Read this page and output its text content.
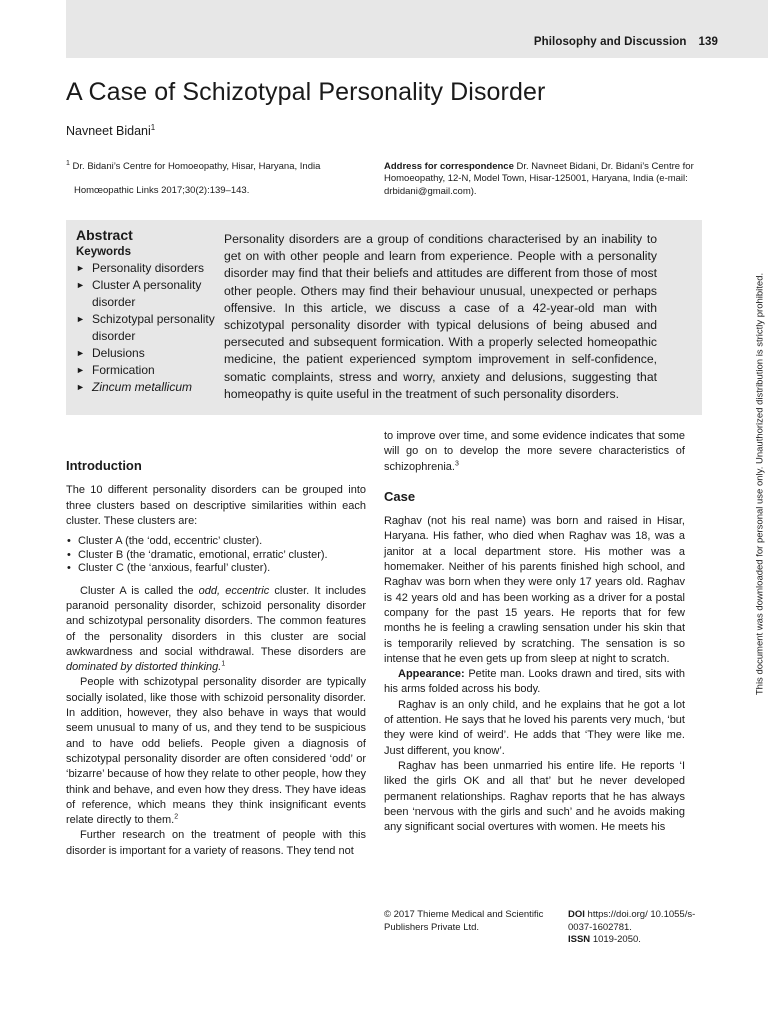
Philosophy and Discussion 139
A Case of Schizotypal Personality Disorder
Navneet Bidani$^1$
$^1$ Dr. Bidani’s Centre for Homoeopathy, Hisar, Haryana, India
Homœopathic Links 2017;30(2):139–143.
Address for correspondence Dr. Navneet Bidani, Dr. Bidani’s Centre for Homoeopathy, 12-N, Model Town, Hisar-125001, Haryana, India (e-mail: drbidani@gmail.com).
Abstract
Keywords
► Personality disorders
► Cluster A personality disorder
► Schizotypal personality disorder
► Delusions
► Formication
► Zincum metallicum
Personality disorders are a group of conditions characterised by an inability to get on with other people and learn from experience. People with a personality disorder may find that their beliefs and attitudes are different from those of most other people. Others may find their behaviour unusual, unexpected or perhaps offensive. In this article, we discuss a case of a 42-year-old man with schizotypal personality disorder with typical delusions of being abused and persecuted and subsequent formication. With a properly selected homeopathic medicine, the patient experienced symptom improvement in self-confidence, somatic complaints, stress and worry, anxiety and delusions, suggesting that homeopathy is quite useful in the treatment of such personality disorders.
Introduction

The 10 different personality disorders can be grouped into three clusters based on descriptive similarities within each cluster. These clusters are:

• Cluster A (the ‘odd, eccentric’ cluster).
• Cluster B (the ‘dramatic, emotional, erratic’ cluster).
• Cluster C (the ‘anxious, fearful’ cluster).

Cluster A is called the odd, eccentric cluster. It includes paranoid personality disorder, schizoid personality disorder and schizotypal personality disorders. The common features of the personality disorders in this cluster are social awkwardness and social withdrawal. These disorders are dominated by distorted thinking.$^1$

People with schizotypal personality disorder are typically socially isolated, like those with schizoid personality disorder. In addition, however, they also behave in ways that would seem unusual to many of us, and they tend to be suspicious and to have odd beliefs. People given a diagnosis of schizotypal personality disorder are often considered ‘odd’ or ‘bizarre’ because of how they relate to other people, how they think and behave, and even how they dress. They have ideas of reference, which means they think insignificant events relate directly to them.$^2$

Further research on the treatment of people with this disorder is important for a variety of reasons. They tend not

to improve over time, and some evidence indicates that some will go on to develop the more severe characteristics of schizophrenia.$^3$

Case

Raghav (not his real name) was born and raised in Hisar, Haryana. His father, who died when Raghav was 18, was a janitor at a local department store. His mother was a homemaker. Neither of his parents finished high school, and Raghav was born when they were only 17 years old. Raghav is 42 years old and has been working as a driver for a postal company for the past 15 years. He reports that for few months he is feeling a crawling sensation under his skin that is temporarily relieved by scratching. The sensation is so intense that he even gets up from sleep at night to scratch.

Appearance: Petite man. Looks drawn and tired, sits with his arms folded across his body.

Raghav is an only child, and he explains that he got a lot of attention. He says that he loved his parents very much, ‘but they were kind of weird’. He adds that ‘They were like me. Just different, you know’.

Raghav has been unmarried his entire life. He reports ‘I liked the girls OK and all that’ but he never developed permanent relationships. Raghav reports that he has always been ‘nervous with the girls and such’ and he avoids making any significant social overtures with women. He meets his

© 2017 Thieme Medical and Scientific Publishers Private Ltd.
DOI https://doi.org/ 10.1055/s-0037-1602781.
ISSN 1019-2050.
This document was downloaded for personal use only. Unauthorized distribution is strictly prohibited.
